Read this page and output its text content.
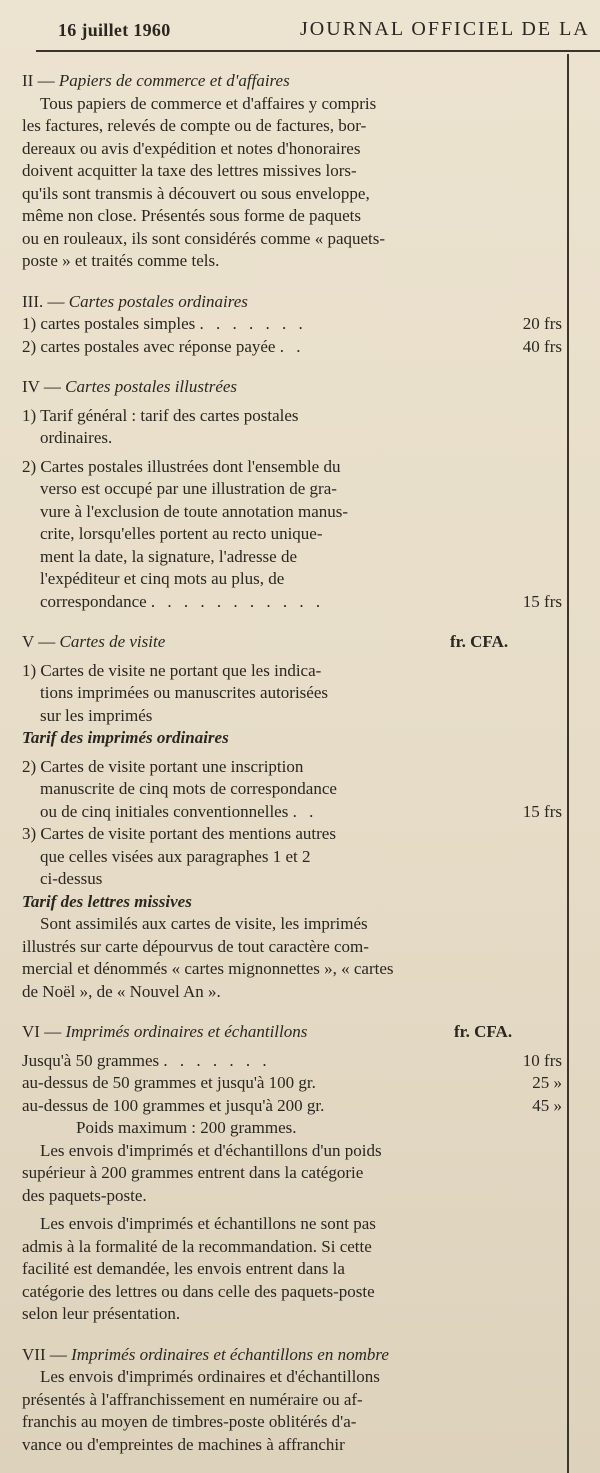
16 juillet 1960	JOURNAL OFFICIEL DE LA
II — Papiers de commerce et d'affaires
Tous papiers de commerce et d'affaires y compris
les factures, relevés de compte ou de factures, bor-
dereaux ou avis d'expédition et notes d'honoraires
doivent acquitter la taxe des lettres missives lors-
qu'ils sont transmis à découvert ou sous enveloppe,
même non close. Présentés sous forme de paquets
ou en rouleaux, ils sont considérés comme « paquets-
poste » et traités comme tels.
III. — Cartes postales ordinaires
1) cartes postales simples . . . . . . .	20 frs
2) cartes postales avec réponse payée . .	40 frs
IV — Cartes postales illustrées
1) Tarif général : tarif des cartes postales
ordinaires.
2) Cartes postales illustrées dont l'ensemble du
verso est occupé par une illustration de gra-
vure à l'exclusion de toute annotation manus-
crite, lorsqu'elles portent au recto unique-
ment la date, la signature, l'adresse de
l'expéditeur et cinq mots au plus, de
correspondance . . . . . . . . . . .	15 frs
V — Cartes de visite	fr. CFA.
1) Cartes de visite ne portant que les indica-
tions imprimées ou manuscrites autorisées
sur les imprimés
Tarif des imprimés ordinaires
2) Cartes de visite portant une inscription
manuscrite de cinq mots de correspondance
ou de cinq initiales conventionnelles . .	15 frs
3) Cartes de visite portant des mentions autres
que celles visées aux paragraphes 1 et 2
ci-dessus
Tarif des lettres missives
Sont assimilés aux cartes de visite, les imprimés
illustrés sur carte dépourvus de tout caractère com-
mercial et dénommés « cartes mignonnettes », « cartes
de Noël », de « Nouvel An ».
VI — Imprimés ordinaires et échantillons	fr. CFA.
Jusqu'à 50 grammes . . . . . . .	10 frs
au-dessus de 50 grammes et jusqu'à 100 gr.	25 »
au-dessus de 100 grammes et jusqu'à 200 gr.	45 »
Poids maximum : 200 grammes.
Les envois d'imprimés et d'échantillons d'un poids
supérieur à 200 grammes entrent dans la catégorie
des paquets-poste.
Les envois d'imprimés et échantillons ne sont pas
admis à la formalité de la recommandation. Si cette
facilité est demandée, les envois entrent dans la
catégorie des lettres ou dans celle des paquets-poste
selon leur présentation.
VII — Imprimés ordinaires et échantillons en nombre
Les envois d'imprimés ordinaires et d'échantillons
présentés à l'affranchissement en numéraire ou af-
franchis au moyen de timbres-poste oblitérés d'a-
vance ou d'empreintes de machines à affranchir
